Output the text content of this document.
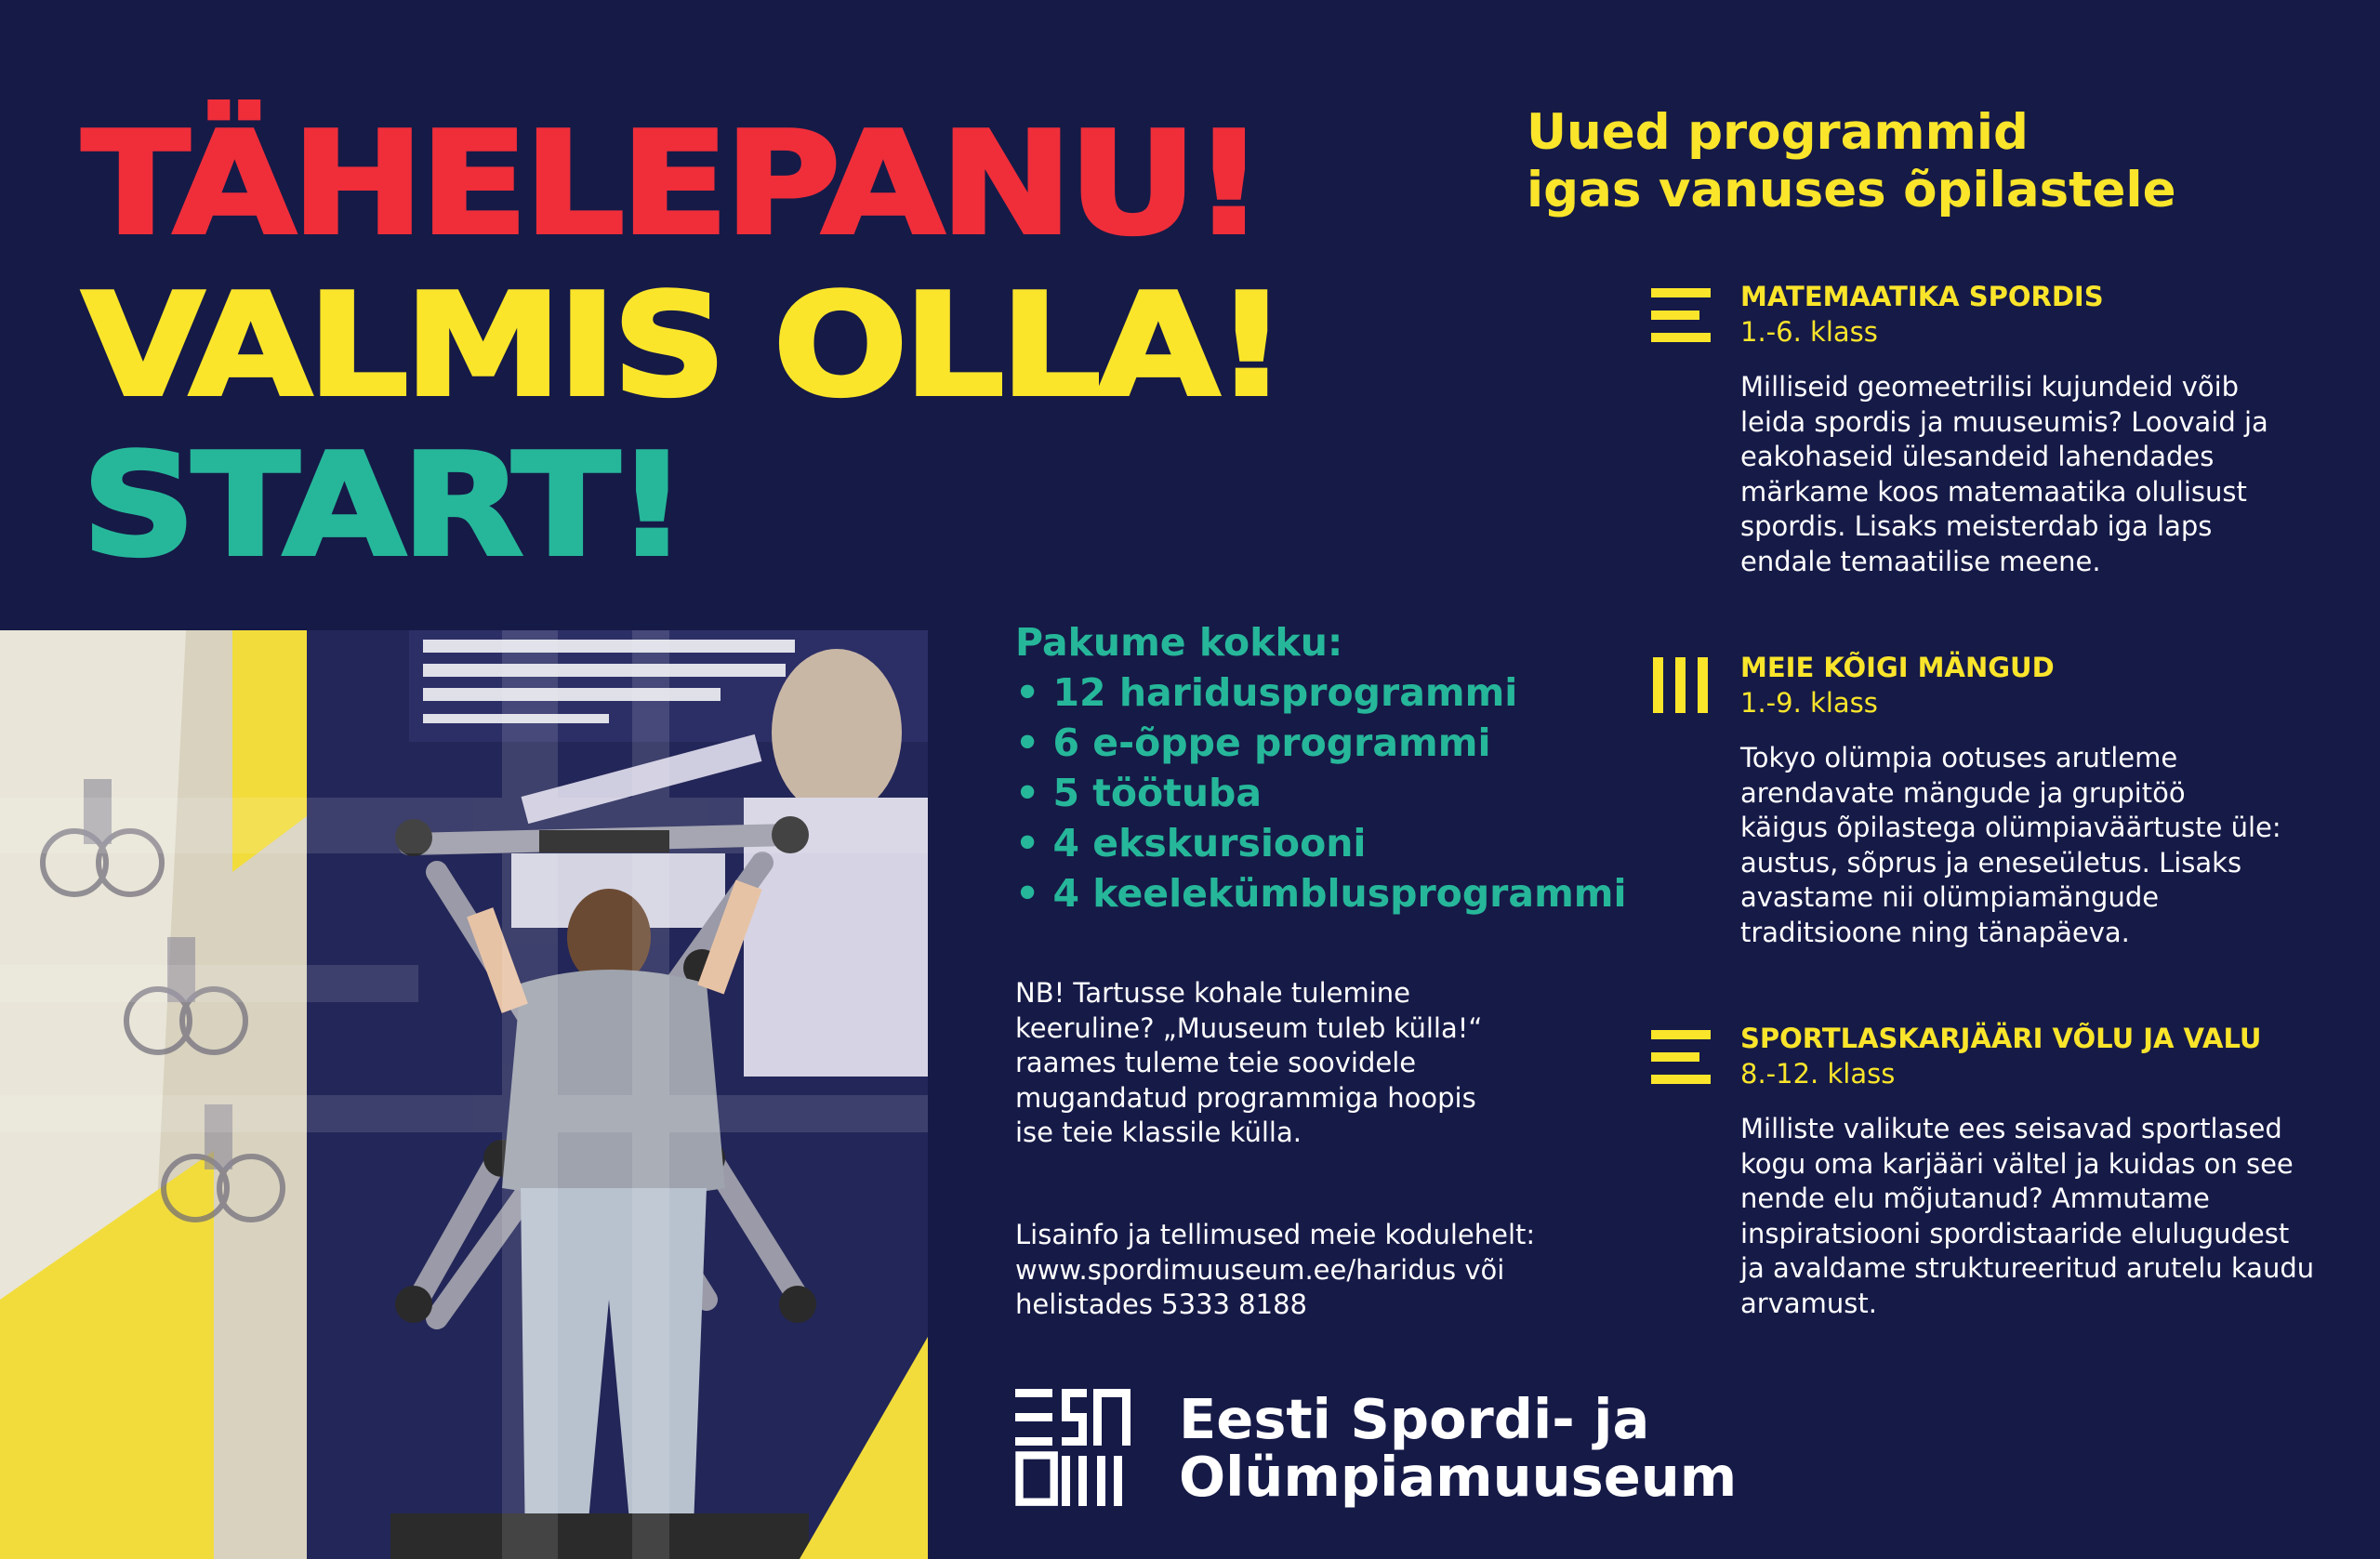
TÄHELEPANU!
VALMIS OLLA!
START!
Uued programmid
igas vanuses õpilastele
Pakume kokku:
• 12 haridusprogrammi
• 6 e-õppe programmi
• 5 töötuba
• 4 ekskursiooni
• 4 keelekümblusprogrammi
NB! Tartusse kohale tulemine
keeruline? „Muuseum tuleb külla!“
raames tuleme teie soovidele
mugandatud programmiga hoopis
ise teie klassile külla.
Lisainfo ja tellimused meie kodulehelt:
www.spordimuuseum.ee/haridus või
helistades 5333 8188
MATEMAATIKA SPORDIS
1.-6. klass
Milliseid geomeetrilisi kujundeid võib
leida spordis ja muuseumis? Loovaid ja
eakohaseid ülesandeid lahendades
märkame koos matemaatika olulisust
spordis. Lisaks meisterdab iga laps
endale temaatilise meene.
MEIE KÕIGI MÄNGUD
1.-9. klass
Tokyo olümpia ootuses arutleme
arendavate mängude ja grupitöö
käigus õpilastega olümpiaväärtuste üle:
austus, sõprus ja eneseületus. Lisaks
avastame nii olümpiamängude
traditsioone ning tänapäeva.
SPORTLASKARJÄÄRI VÕLU JA VALU
8.-12. klass
Milliste valikute ees seisavad sportlased
kogu oma karjääri vältel ja kuidas on see
nende elu mõjutanud? Ammutame
inspiratsiooni spordistaaride elulugudest
ja avaldame struktureeritud arutelu kaudu
arvamust.
Eesti Spordi- ja
Olümpiamuuseum
